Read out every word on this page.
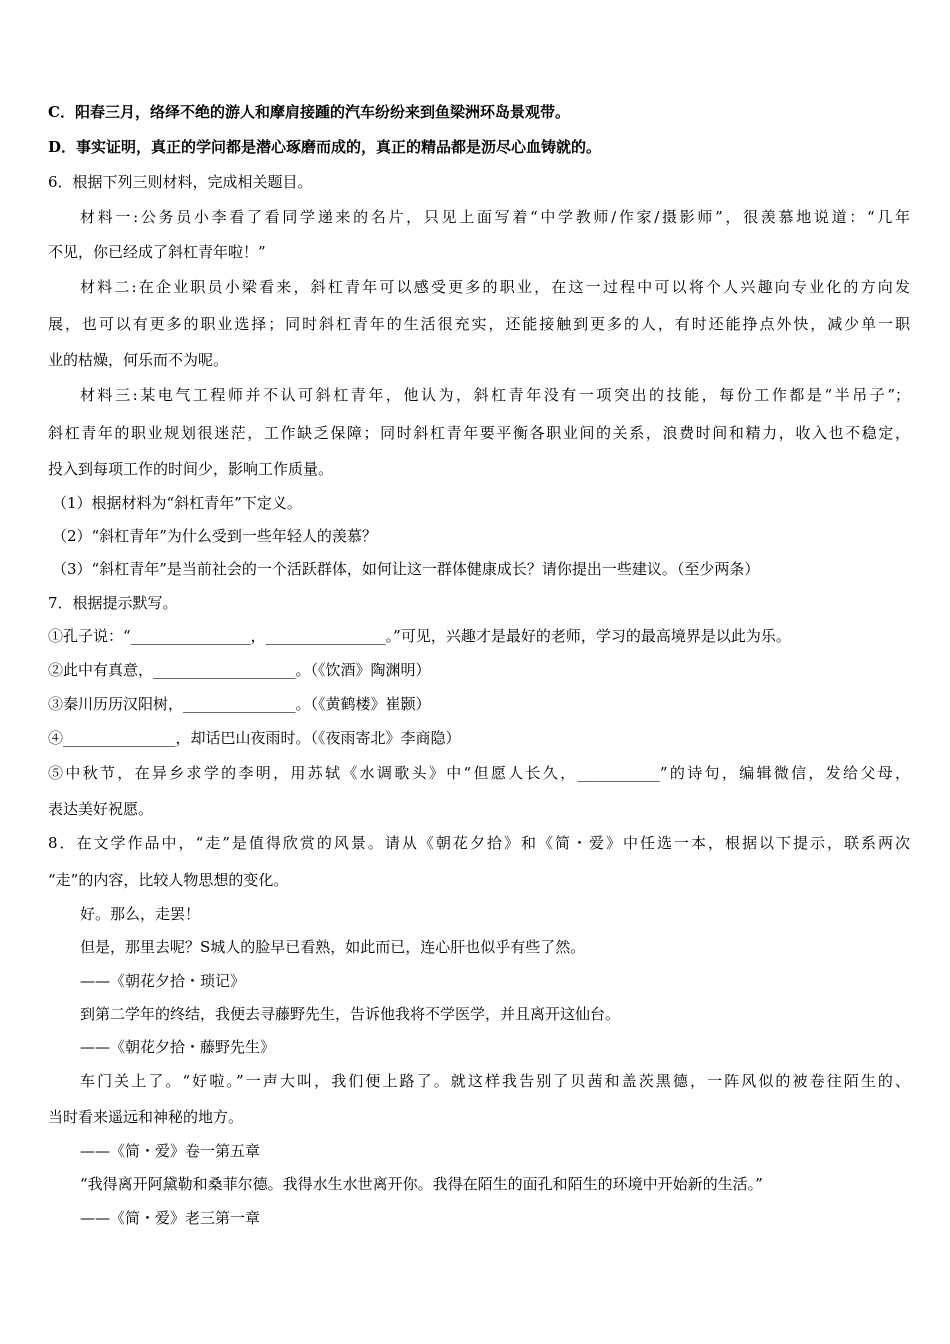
C．阳春三月，络绎不绝的游人和摩肩接踵的汽车纷纷来到鱼梁洲环岛景观带。
D．事实证明，真正的学问都是潜心琢磨而成的，真正的精品都是沥尽心血铸就的。
6．根据下列三则材料，完成相关题目。
材料一:公务员小李看了看同学递来的名片，只见上面写着“中学教师/作家/摄影师”，很羡慕地说道：“几年
不见，你已经成了斜杠青年啦！”
材料二:在企业职员小梁看来，斜杠青年可以感受更多的职业，在这一过程中可以将个人兴趣向专业化的方向发
展，也可以有更多的职业选择；同时斜杠青年的生活很充实，还能接触到更多的人，有时还能挣点外快，减少单一职
业的枯燥，何乐而不为呢。
材料三:某电气工程师并不认可斜杠青年，他认为，斜杠青年没有一项突出的技能，每份工作都是“半吊子”；
斜杠青年的职业规划很迷茫，工作缺乏保障；同时斜杠青年要平衡各职业间的关系，浪费时间和精力，收入也不稳定，
投入到每项工作的时间少，影响工作质量。
（1）根据材料为“斜杠青年”下定义。
（2）“斜杠青年”为什么受到一些年轻人的羡慕？
（3）“斜杠青年”是当前社会的一个活跃群体，如何让这一群体健康成长？请你提出一些建议。（至少两条）
7．根据提示默写。
①孔子说：“________________，________________。”可见，兴趣才是最好的老师，学习的最高境界是以此为乐。
②此中有真意，___________________。（《饮酒》陶渊明）
③秦川历历汉阳树，_______________。（《黄鹤楼》崔颢）
④_______________，却话巴山夜雨时。（《夜雨寄北》李商隐）
⑤中秋节，在异乡求学的李明，用苏轼《水调歌头》中“但愿人长久，___________”的诗句，编辑微信，发给父母，
表达美好祝愿。
8．在文学作品中，“走”是值得欣赏的风景。请从《朝花夕拾》和《简・爱》中任选一本，根据以下提示，联系两次
“走”的内容，比较人物思想的变化。
好。那么，走罢！
但是，那里去呢？S城人的脸早已看熟，如此而已，连心肝也似乎有些了然。
——《朝花夕拾・琐记》
到第二学年的终结，我便去寻藤野先生，告诉他我将不学医学，并且离开这仙台。
——《朝花夕拾・藤野先生》
车门关上了。“好啦。”一声大叫，我们便上路了。就这样我告别了贝茜和盖茨黑德，一阵风似的被卷往陌生的、
当时看来遥远和神秘的地方。
——《简・爱》卷一第五章
“我得离开阿黛勒和桑菲尔德。我得水生水世离开你。我得在陌生的面孔和陌生的环境中开始新的生活。”
——《简・爱》老三第一章
